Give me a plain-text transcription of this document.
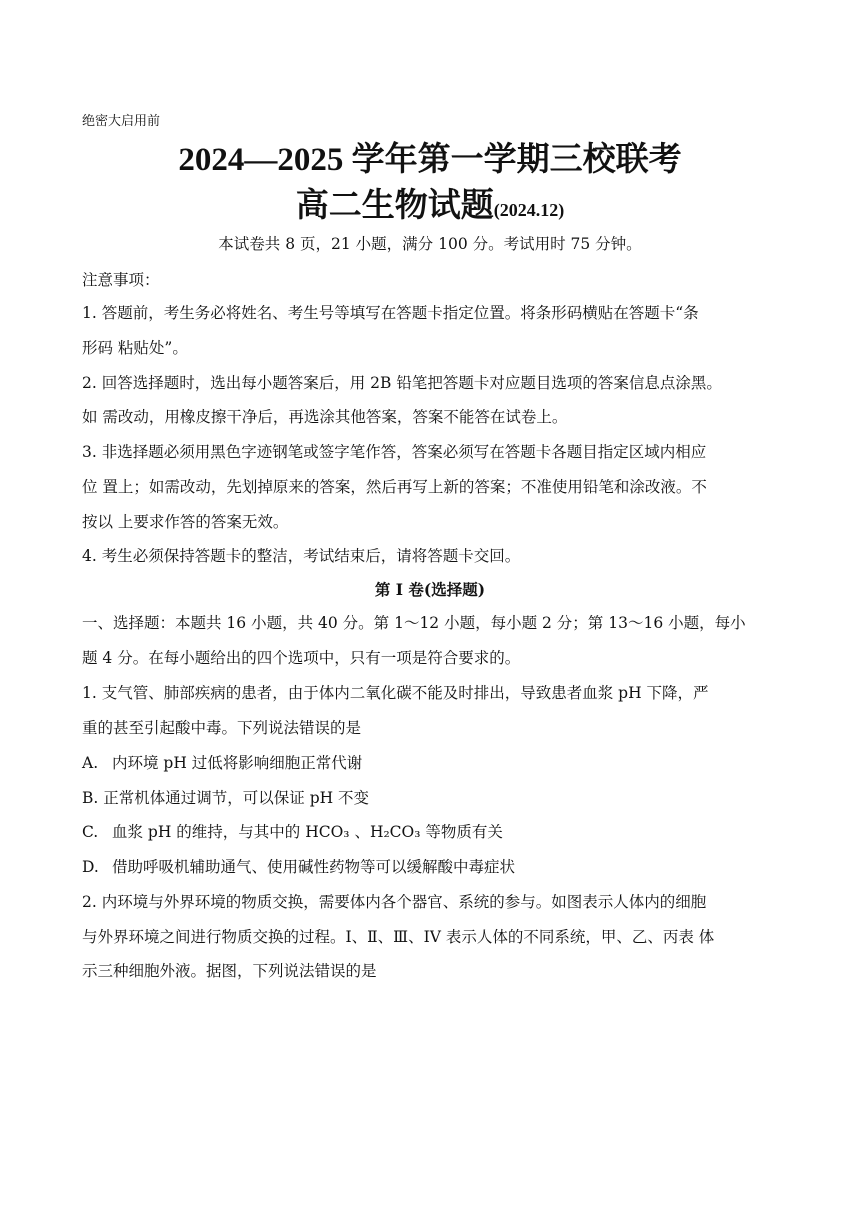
绝密大启用前
2024—2025 学年第一学期三校联考
高二生物试题(2024.12)
本试卷共 8 页，21 小题，满分 100 分。考试用时 75 分钟。
注意事项：
1. 答题前，考生务必将姓名、考生号等填写在答题卡指定位置。将条形码横贴在答题卡“条
形码 粘贴处”。
2. 回答选择题时，选出每小题答案后，用 2B 铅笔把答题卡对应题目选项的答案信息点涂黑。
如 需改动，用橡皮擦干净后，再选涂其他答案，答案不能答在试卷上。
3. 非选择题必须用黑色字迹钢笔或签字笔作答，答案必须写在答题卡各题目指定区域内相应
位 置上；如需改动，先划掉原来的答案，然后再写上新的答案；不准使用铅笔和涂改液。不
按以 上要求作答的答案无效。
4. 考生必须保持答题卡的整洁，考试结束后，请将答题卡交回。
第 I 卷(选择题)
一、选择题：本题共 16 小题，共 40 分。第 1～12 小题，每小题 2 分；第 13～16 小题，每小
题 4 分。在每小题给出的四个选项中，只有一项是符合要求的。
1. 支气管、肺部疾病的患者，由于体内二氧化碳不能及时排出，导致患者血浆 pH 下降，严
重的甚至引起酸中毒。下列说法错误的是
A. 内环境 pH 过低将影响细胞正常代谢
B. 正常机体通过调节，可以保证 pH 不变
C. 血浆 pH 的维持，与其中的 HCO₃ 、H₂CO₃ 等物质有关
D. 借助呼吸机辅助通气、使用碱性药物等可以缓解酸中毒症状
2. 内环境与外界环境的物质交换，需要体内各个器官、系统的参与。如图表示人体内的细胞
与外界环境之间进行物质交换的过程。I、Ⅱ、Ⅲ、IV 表示人体的不同系统，甲、乙、丙表 体
示三种细胞外液。据图，下列说法错误的是
